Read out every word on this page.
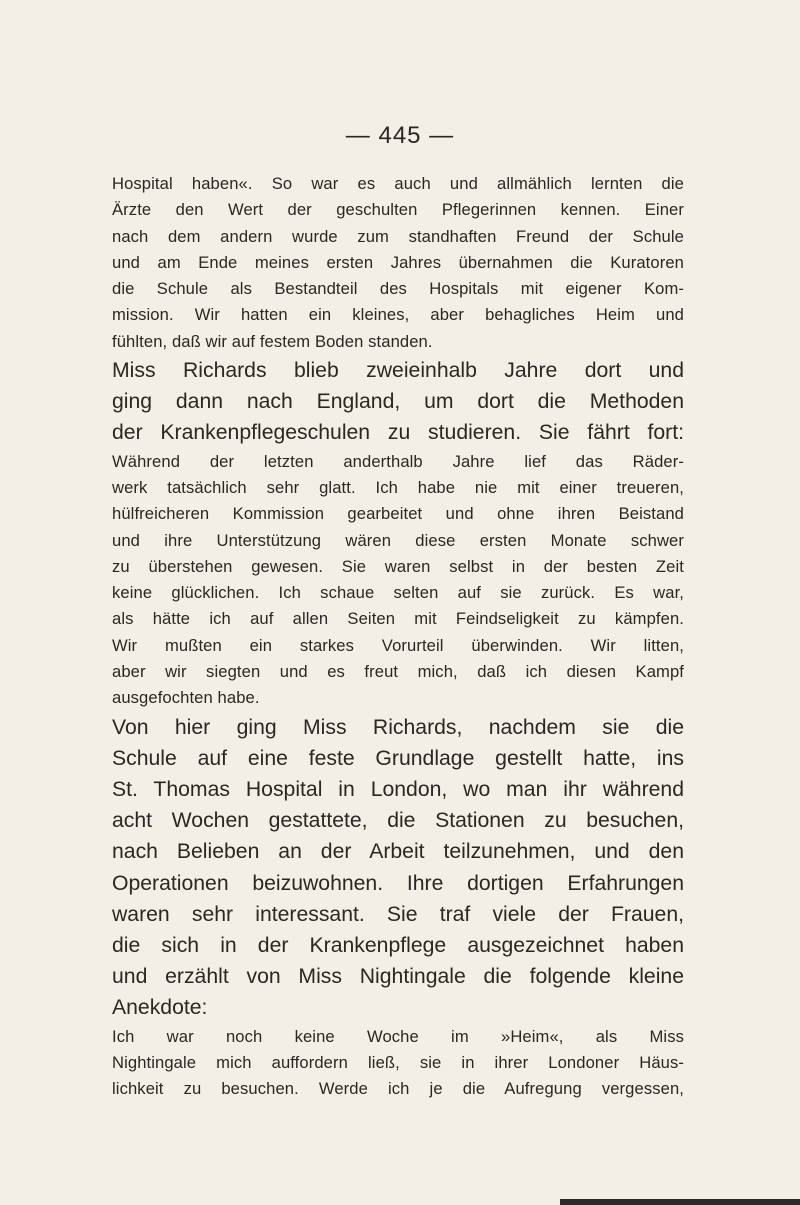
— 445 —
Hospital haben«. So war es auch und allmählich lernten die
Ärzte den Wert der geschulten Pflegerinnen kennen. Einer
nach dem andern wurde zum standhaften Freund der Schule
und am Ende meines ersten Jahres übernahmen die Kuratoren
die Schule als Bestandteil des Hospitals mit eigener Kom-
mission. Wir hatten ein kleines, aber behagliches Heim und
fühlten, daß wir auf festem Boden standen.
Miss Richards blieb zweieinhalb Jahre dort und
ging dann nach England, um dort die Methoden
der Krankenpflegeschulen zu studieren. Sie fährt fort:
Während der letzten anderthalb Jahre lief das Räder-
werk tatsächlich sehr glatt. Ich habe nie mit einer treueren,
hülfreicheren Kommission gearbeitet und ohne ihren Beistand
und ihre Unterstützung wären diese ersten Monate schwer
zu überstehen gewesen. Sie waren selbst in der besten Zeit
keine glücklichen. Ich schaue selten auf sie zurück. Es war,
als hätte ich auf allen Seiten mit Feindseligkeit zu kämpfen.
Wir mußten ein starkes Vorurteil überwinden. Wir litten,
aber wir siegten und es freut mich, daß ich diesen Kampf
ausgefochten habe.
Von hier ging Miss Richards, nachdem sie die
Schule auf eine feste Grundlage gestellt hatte, ins
St. Thomas Hospital in London, wo man ihr während
acht Wochen gestattete, die Stationen zu besuchen,
nach Belieben an der Arbeit teilzunehmen, und den
Operationen beizuwohnen. Ihre dortigen Erfahrungen
waren sehr interessant. Sie traf viele der Frauen,
die sich in der Krankenpflege ausgezeichnet haben
und erzählt von Miss Nightingale die folgende kleine
Anekdote:
Ich war noch keine Woche im »Heim«, als Miss
Nightingale mich auffordern ließ, sie in ihrer Londoner Häus-
lichkeit zu besuchen. Werde ich je die Aufregung vergessen,
